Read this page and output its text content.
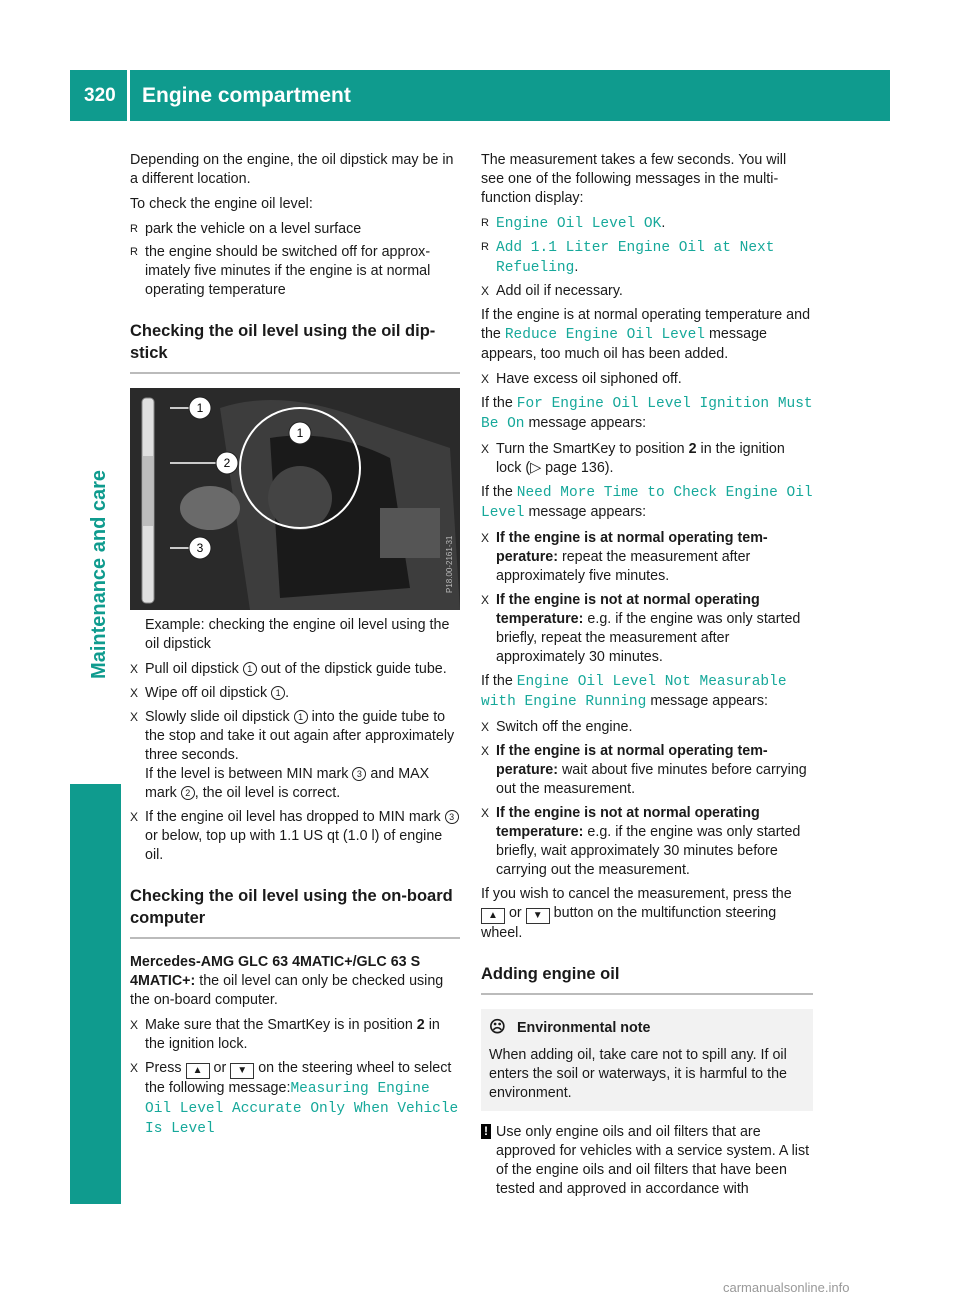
320 Engine compartment
Maintenance and care

Depending on the engine, the oil dipstick may be in a different location.

To check the engine oil level:

R park the vehicle on a level surface
R the engine should be switched off for approximately five minutes if the engine is at normal operating temperature
Checking the oil level using the oil dipstick
1
2
3
1
P18.00-2161-31
Example: checking the engine oil level using the oil dipstick
X Pull oil dipstick 1 out of the dipstick guide tube.
X Wipe off oil dipstick 1 .
X Slowly slide oil dipstick 1 into the guide tube to the stop and take it out again after approximately three seconds.
If the level is between MIN mark 3 and MAX mark 2 , the oil level is correct.
X If the engine oil level has dropped to MIN mark 3 or below, top up with 1.1 US qt (1.0 l) of engine oil.
Checking the oil level using the on-board computer

Mercedes-AMG GLC 63 4MATIC+/GLC 63 S 4MATIC+: the oil level can only be checked using the on-board computer.

X Make sure that the SmartKey is in position 2 in the ignition lock.
X Press ▲ or ▼ on the steering wheel to select the following message:Measuring Engine Oil Level Accurate Only When Vehicle Is Level

The measurement takes a few seconds. You will see one of the following messages in the multifunction display:

R Engine Oil Level OK.
R Add 1.1 Liter Engine Oil at Next Refueling.
X Add oil if necessary.

If the engine is at normal operating temperature and the Reduce Engine Oil Level message appears, too much oil has been added.

X Have excess oil siphoned off.

If the For Engine Oil Level Ignition Must Be On message appears:

X Turn the SmartKey to position 2 in the ignition lock (▷ page 136).

If the Need More Time to Check Engine Oil Level message appears:

X If the engine is at normal operating temperature: repeat the measurement after approximately five minutes.
X If the engine is not at normal operating temperature: e.g. if the engine was only started briefly, repeat the measurement after approximately 30 minutes.

If the Engine Oil Level Not Measurable with Engine Running message appears:

X Switch off the engine.
X If the engine is at normal operating temperature: wait about five minutes before carrying out the measurement.
X If the engine is not at normal operating temperature: e.g. if the engine was only started briefly, wait approximately 30 minutes before carrying out the measurement.

If you wish to cancel the measurement, press the ▲ or ▼ button on the multifunction steering wheel.

Adding engine oil
☹ Environmental note
When adding oil, take care not to spill any. If oil enters the soil or waterways, it is harmful to the environment.
! Use only engine oils and oil filters that are approved for vehicles with a service system. A list of the engine oils and oil filters that have been tested and approved in accordance with
carmanualsonline.info
